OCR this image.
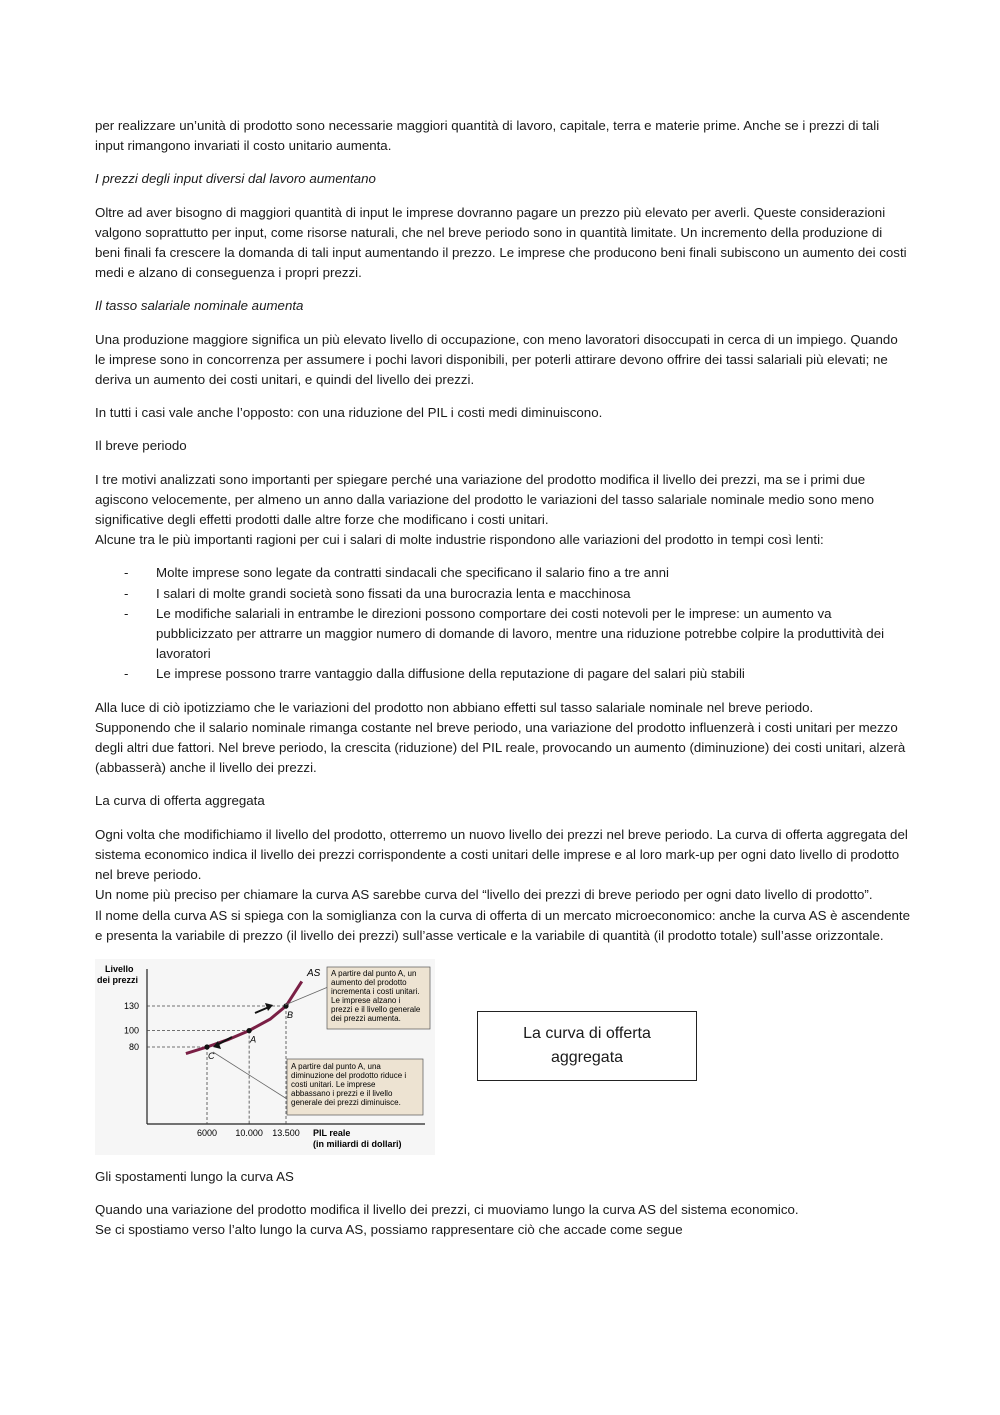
per realizzare un’unità di prodotto sono necessarie maggiori quantità di lavoro, capitale, terra e materie prime. Anche se i prezzi di tali input rimangono invariati il costo unitario aumenta.

I prezzi degli input diversi dal lavoro aumentano

Oltre ad aver bisogno di maggiori quantità di input le imprese dovranno pagare un prezzo più elevato per averli. Queste considerazioni valgono soprattutto per input, come risorse naturali, che nel breve periodo sono in quantità limitate. Un incremento della produzione di beni finali fa crescere la domanda di tali input aumentando il prezzo. Le imprese che producono beni finali subiscono un aumento dei costi medi e alzano di conseguenza i propri prezzi.

Il tasso salariale nominale aumenta

Una produzione maggiore significa un più elevato livello di occupazione, con meno lavoratori disoccupati in cerca di un impiego. Quando le imprese sono in concorrenza per assumere i pochi lavori disponibili, per poterli attirare devono offrire dei tassi salariali più elevati; ne deriva un aumento dei costi unitari, e quindi del livello dei prezzi.

In tutti i casi vale anche l’opposto: con una riduzione del PIL i costi medi diminuiscono.

Il breve periodo

I tre motivi analizzati sono importanti per spiegare perché una variazione del prodotto modifica il livello dei prezzi, ma se i primi due agiscono velocemente, per almeno un anno dalla variazione del prodotto le variazioni del tasso salariale nominale medio sono meno significative degli effetti prodotti dalle altre forze che modificano i costi unitari.

Alcune tra le più importanti ragioni per cui i salari di molte industrie rispondono alle variazioni del prodotto in tempi così lenti:

- Molte imprese sono legate da contratti sindacali che specificano il salario fino a tre anni
- I salari di molte grandi società sono fissati da una burocrazia lenta e macchinosa
- Le modifiche salariali in entrambe le direzioni possono comportare dei costi notevoli per le imprese: un aumento va pubblicizzato per attrarre un maggior numero di domande di lavoro, mentre una riduzione potrebbe colpire la produttività dei lavoratori
- Le imprese possono trarre vantaggio dalla diffusione della reputazione di pagare del salari più stabili

Alla luce di ciò ipotizziamo che le variazioni del prodotto non abbiano effetti sul tasso salariale nominale nel breve periodo.

Supponendo che il salario nominale rimanga costante nel breve periodo, una variazione del prodotto influenzerà i costi unitari per mezzo degli altri due fattori. Nel breve periodo, la crescita (riduzione) del PIL reale, provocando un aumento (diminuzione) dei costi unitari, alzerà (abbasserà) anche il livello dei prezzi.

La curva di offerta aggregata

Ogni volta che modifichiamo il livello del prodotto, otterremo un nuovo livello dei prezzi nel breve periodo. La curva di offerta aggregata del sistema economico indica il livello dei prezzi corrispondente a costi unitari delle imprese e al loro mark-up per ogni dato livello di prodotto nel breve periodo.

Un nome più preciso per chiamare la curva AS sarebbe curva del “livello dei prezzi di breve periodo per ogni dato livello di prodotto”.

Il nome della curva AS si spiega con la somiglianza con la curva di offerta di un mercato microeconomico: anche la curva AS è ascendente e presenta la variabile di prezzo (il livello dei prezzi) sull’asse verticale e la variabile di quantità (il prodotto totale) sull’asse orizzontale.

Livello
dei prezzi
80
100
130
6000 10.000 13.500
AS
C
A
B
A partire dal punto A, un aumento del prodotto incrementa i costi unitari. Le imprese alzano i prezzi e il livello generale dei prezzi aumenta.
A partire dal punto A, una diminuzione del prodotto riduce i costi unitari. Le imprese abbassano i prezzi e il livello generale dei prezzi diminuisce.
PIL reale
(in miliardi di dollari)
La curva di offerta aggregata

Gli spostamenti lungo la curva AS

Quando una variazione del prodotto modifica il livello dei prezzi, ci muoviamo lungo la curva AS del sistema economico.

Se ci spostiamo verso l’alto lungo la curva AS, possiamo rappresentare ciò che accade come segue
